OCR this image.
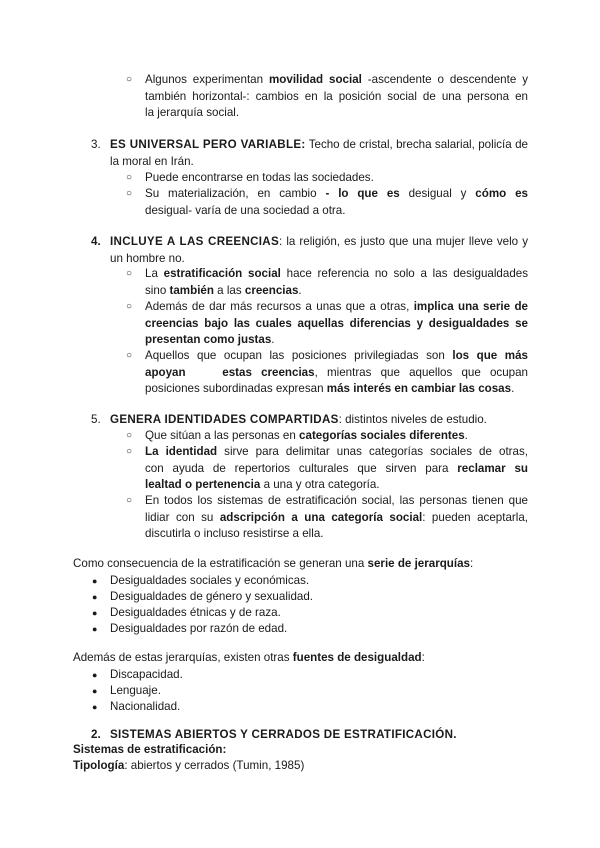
○ Algunos experimentan movilidad social -ascendente o descendente y
también horizontal-: cambios en la posición social de una persona en
la jerarquía social.
3. ES UNIVERSAL PERO VARIABLE: Techo de cristal, brecha salarial, policía de
la moral en Irán.
○ Puede encontrarse en todas las sociedades.
○ Su materialización, en cambio - lo que es desigual y cómo es
desigual- varía de una sociedad a otra.
4. INCLUYE A LAS CREENCIAS: la religión, es justo que una mujer lleve velo y
un hombre no.
○ La estratificación social hace referencia no solo a las desigualdades
sino también a las creencias.
○ Además de dar más recursos a unas que a otras, implica una serie de
creencias bajo las cuales aquellas diferencias y desigualdades se
presentan como justas.
○ Aquellos que ocupan las posiciones privilegiadas son los que más
apoyan	estas creencias, mientras que aquellos que ocupan
posiciones subordinadas expresan más interés en cambiar las cosas.
5. GENERA IDENTIDADES COMPARTIDAS: distintos niveles de estudio.
○ Que sitúan a las personas en categorías sociales diferentes.
○ La identidad sirve para delimitar unas categorías sociales de otras,
con ayuda de repertorios culturales que sirven para reclamar su
lealtad o pertenencia a una y otra categoría.
○ En todos los sistemas de estratificación social, las personas tienen que
lidiar con su adscripción a una categoría social: pueden aceptarla,
discutirla o incluso resistirse a ella.
Como consecuencia de la estratificación se generan una serie de jerarquías:
● Desigualdades sociales y económicas.
● Desigualdades de género y sexualidad.
● Desigualdades étnicas y de raza.
● Desigualdades por razón de edad.
Además de estas jerarquías, existen otras fuentes de desigualdad:
● Discapacidad.
● Lenguaje.
● Nacionalidad.
2. SISTEMAS ABIERTOS Y CERRADOS DE ESTRATIFICACIÓN.
Sistemas de estratificación:
Tipología: abiertos y cerrados (Tumin, 1985)
